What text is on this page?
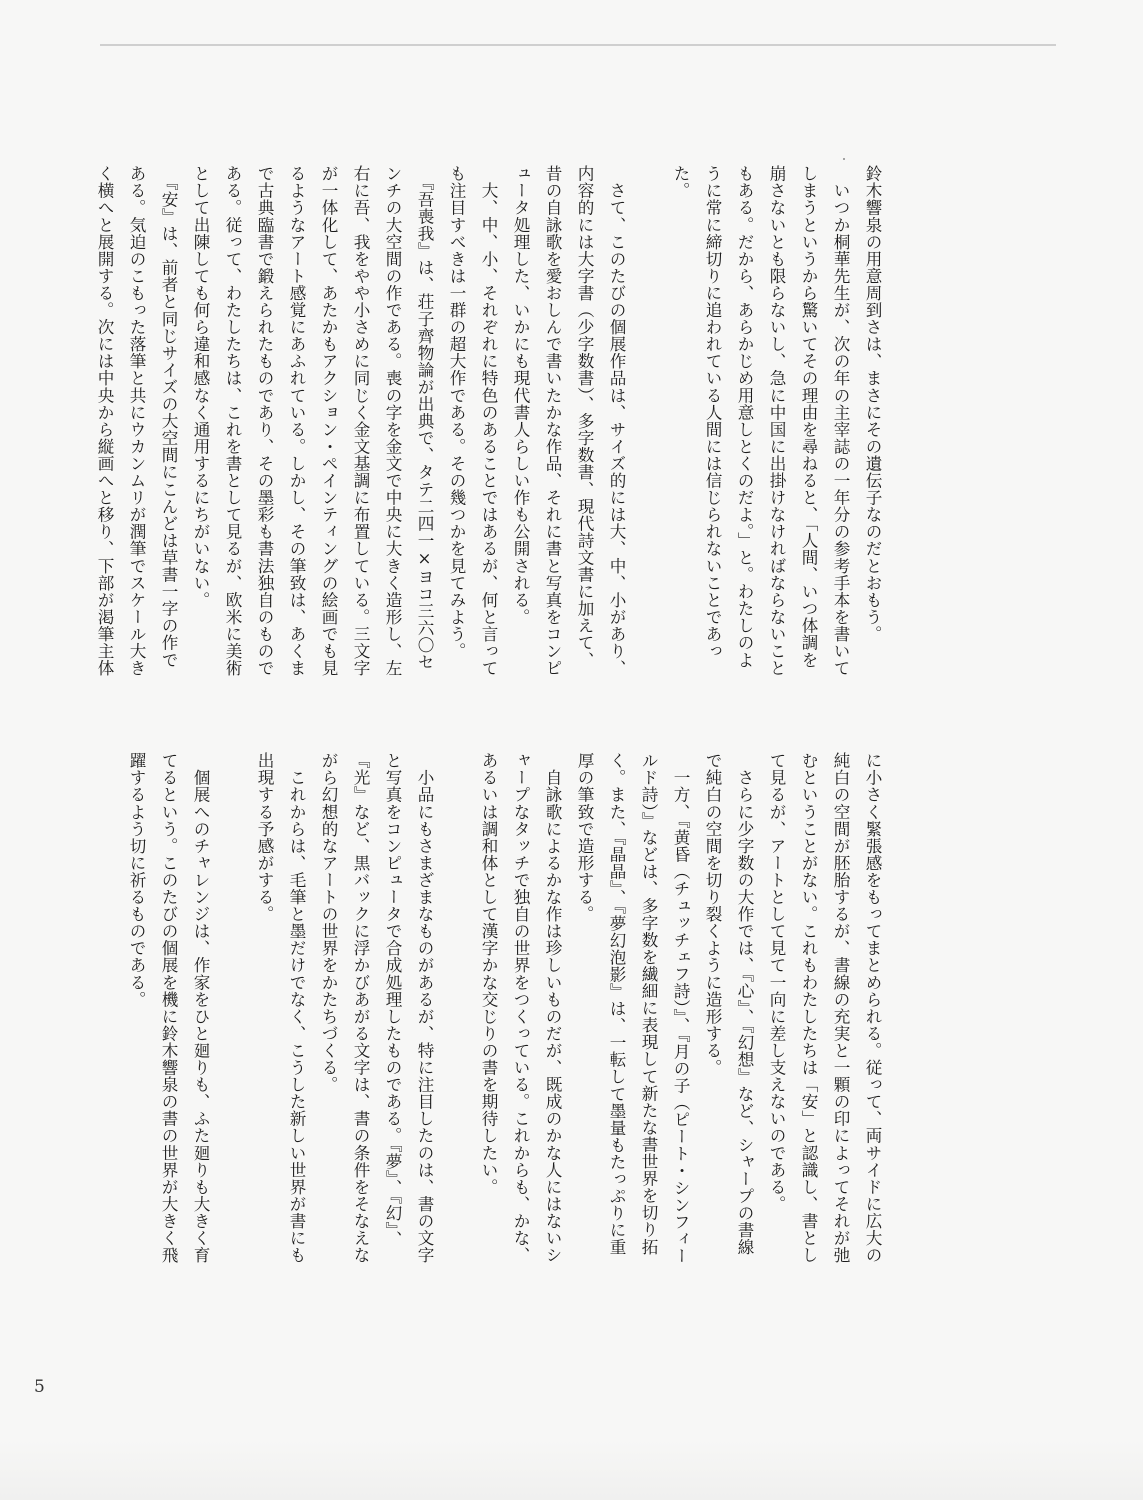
鈴木響泉の用意周到さは、まさにその遺伝子なのだとおもう。
　いつか桐華先生が、次の年の主宰誌の一年分の参考手本を書いて
しまうというから驚いてその理由を尋ねると、「人間、いつ体調を
崩さないとも限らないし、急に中国に出掛けなければならないこと
もある。だから、あらかじめ用意しとくのだよ。」と。わたしのよ
うに常に締切りに追われている人間には信じられないことであっ
た。

　さて、このたびの個展作品は、サイズ的には大、中、小があり、
内容的には大字書（少字数書）、多字数書、現代詩文書に加えて、
昔の自詠歌を愛おしんで書いたかな作品、それに書と写真をコンピ
ュータ処理した、いかにも現代書人らしい作も公開される。
　大、中、小、それぞれに特色のあることではあるが、何と言って
も注目すべきは一群の超大作である。その幾つかを見てみよう。
　『吾喪我』は、荘子齊物論が出典で、タテ二四一×ヨコ三六〇セ
ンチの大空間の作である。喪の字を金文で中央に大きく造形し、左
右に吾、我をやや小さめに同じく金文基調に布置している。三文字
が一体化して、あたかもアクション・ペインティングの絵画でも見
るようなアート感覚にあふれている。しかし、その筆致は、あくま
で古典臨書で鍛えられたものであり、その墨彩も書法独自のもので
ある。従って、わたしたちは、これを書として見るが、欧米に美術
として出陳しても何ら違和感なく通用するにちがいない。
　『安』は、前者と同じサイズの大空間にこんどは草書一字の作で
ある。気迫のこもった落筆と共にウカンムリが潤筆でスケール大き
く横へと展開する。次には中央から縦画へと移り、下部が渇筆主体
に小さく緊張感をもってまとめられる。従って、両サイドに広大の
純白の空間が胚胎するが、書線の充実と一顆の印によってそれが弛
むということがない。これもわたしたちは「安」と認識し、書とし
て見るが、アートとして見て一向に差し支えないのである。
　さらに少字数の大作では、『心』、『幻想』など、シャープの書線
で純白の空間を切り裂くように造形する。
　一方、『黄昏（チュッチェフ詩）』、『月の子（ピート・シンフィー
ルド詩）』などは、多字数を繊細に表現して新たな書世界を切り拓
く。また、『晶晶』、『夢幻泡影』は、一転して墨量もたっぷりに重
厚の筆致で造形する。
　自詠歌によるかな作は珍しいものだが、既成のかな人にはないシ
ャープなタッチで独自の世界をつくっている。これからも、かな、
あるいは調和体として漢字かな交じりの書を期待したい。

　小品にもさまざまなものがあるが、特に注目したのは、書の文字
と写真をコンピュータで合成処理したものである。『夢』、『幻』、
『光』など、黒バックに浮かびあがる文字は、書の条件をそなえな
がら幻想的なアートの世界をかたちづくる。
　これからは、毛筆と墨だけでなく、こうした新しい世界が書にも
出現する予感がする。

　個展へのチャレンジは、作家をひと廻りも、ふた廻りも大きく育
てるという。このたびの個展を機に鈴木響泉の書の世界が大きく飛
躍するよう切に祈るものである。
5
